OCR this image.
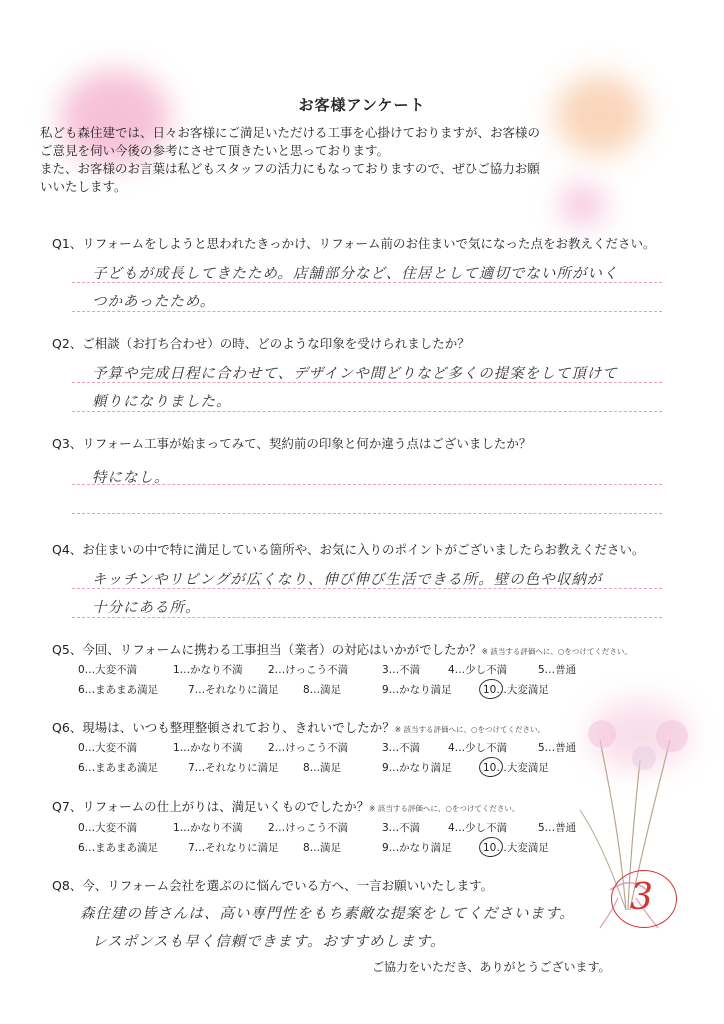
お客様アンケート
私ども森住建では、日々お客様にご満足いただける工事を心掛けておりますが、お客様の
ご意見を伺い今後の参考にさせて頂きたいと思っております。
また、お客様のお言葉は私どもスタッフの活力にもなっておりますので、ぜひご協力お願
いいたします。
Q1、リフォームをしようと思われたきっかけ、リフォーム前のお住まいで気になった点をお教えください。
子どもが成長してきたため。店舗部分など、住居として適切でない所がいく
つかあったため。
Q2、ご相談（お打ち合わせ）の時、どのような印象を受けられましたか？
予算や完成日程に合わせて、デザインや間どりなど多くの提案をして頂けて
頼りになりました。
Q3、リフォーム工事が始まってみて、契約前の印象と何か違う点はございましたか？
特になし。
Q4、お住まいの中で特に満足している箇所や、お気に入りのポイントがございましたらお教えください。
キッチンやリビングが広くなり、伸び伸び生活できる所。壁の色や収納が
十分にある所。
Q5、今回、リフォームに携わる工事担当（業者）の対応はいかがでしたか？※ 該当する評価へに、○をつけてください。
0…大変不満	1…かなり不満 2…けっこう不満	3…不満	4…少し不満	5…普通
6…まあまあ満足	7…それなりに満足 8…満足	9…かなり満足	10…大変満足
Q6、現場は、いつも整理整頓されており、きれいでしたか？※ 該当する評価へに、○をつけてください。
0…大変不満	1…かなり不満 2…けっこう不満	3…不満	4…少し不満	5…普通
6…まあまあ満足	7…それなりに満足 8…満足	9…かなり満足	10…大変満足
Q7、リフォームの仕上がりは、満足いくものでしたか？※ 該当する評価へに、○をつけてください。
0…大変不満	1…かなり不満 2…けっこう不満	3…不満	4…少し不満	5…普通
6…まあまあ満足	7…それなりに満足 8…満足	9…かなり満足	10…大変満足
Q8、今、リフォーム会社を選ぶのに悩んでいる方へ、一言お願いいたします。
森住建の皆さんは、高い専門性をもち素敵な提案をしてくださいます。
レスポンスも早く信頼できます。おすすめします。
3
ご協力をいただき、ありがとうございます。
